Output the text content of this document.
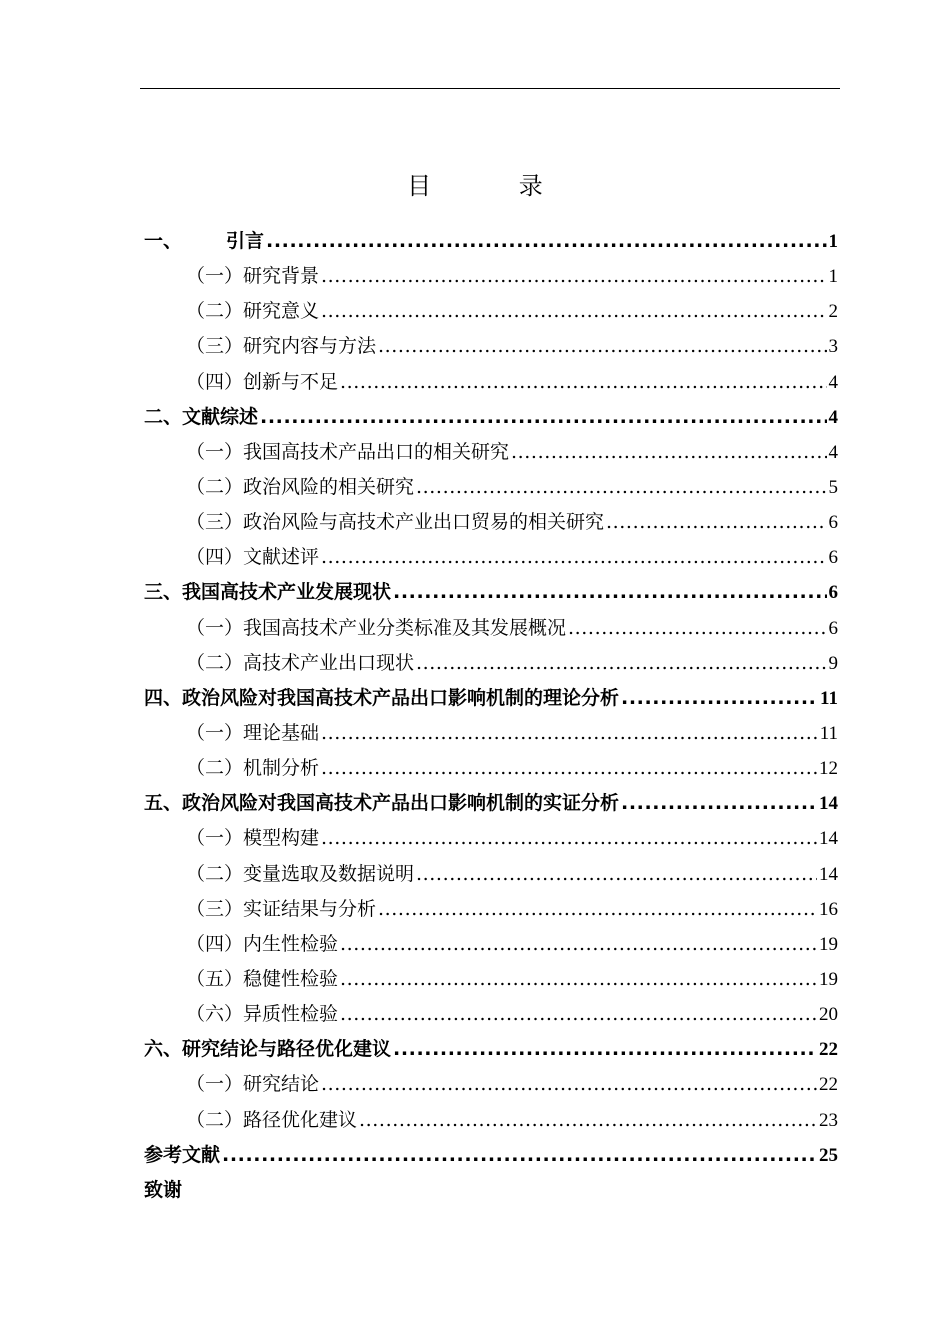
目 录
一、 引言 .....	1
（一）研究背景 .....	1
（二）研究意义 .....	2
（三）研究内容与方法 .....	3
（四）创新与不足 .....	4
二、文献综述 .....	4
（一）我国高技术产品出口的相关研究 .....	4
（二）政治风险的相关研究 .....	5
（三）政治风险与高技术产业出口贸易的相关研究 .....	6
（四）文献述评 .....	6
三、我国高技术产业发展现状 .....	6
（一）我国高技术产业分类标准及其发展概况 .....	6
（二）高技术产业出口现状 .....	9
四、政治风险对我国高技术产品出口影响机制的理论分析 .....	11
（一）理论基础 .....	11
（二）机制分析 .....	12
五、政治风险对我国高技术产品出口影响机制的实证分析 .....	14
（一）模型构建 .....	14
（二）变量选取及数据说明 .....	14
（三）实证结果与分析 .....	16
（四）内生性检验 .....	19
（五）稳健性检验 .....	19
（六）异质性检验 .....	20
六、研究结论与路径优化建议 .....	22
（一）研究结论 .....	22
（二）路径优化建议 .....	23
参考文献 .....	25
致谢
